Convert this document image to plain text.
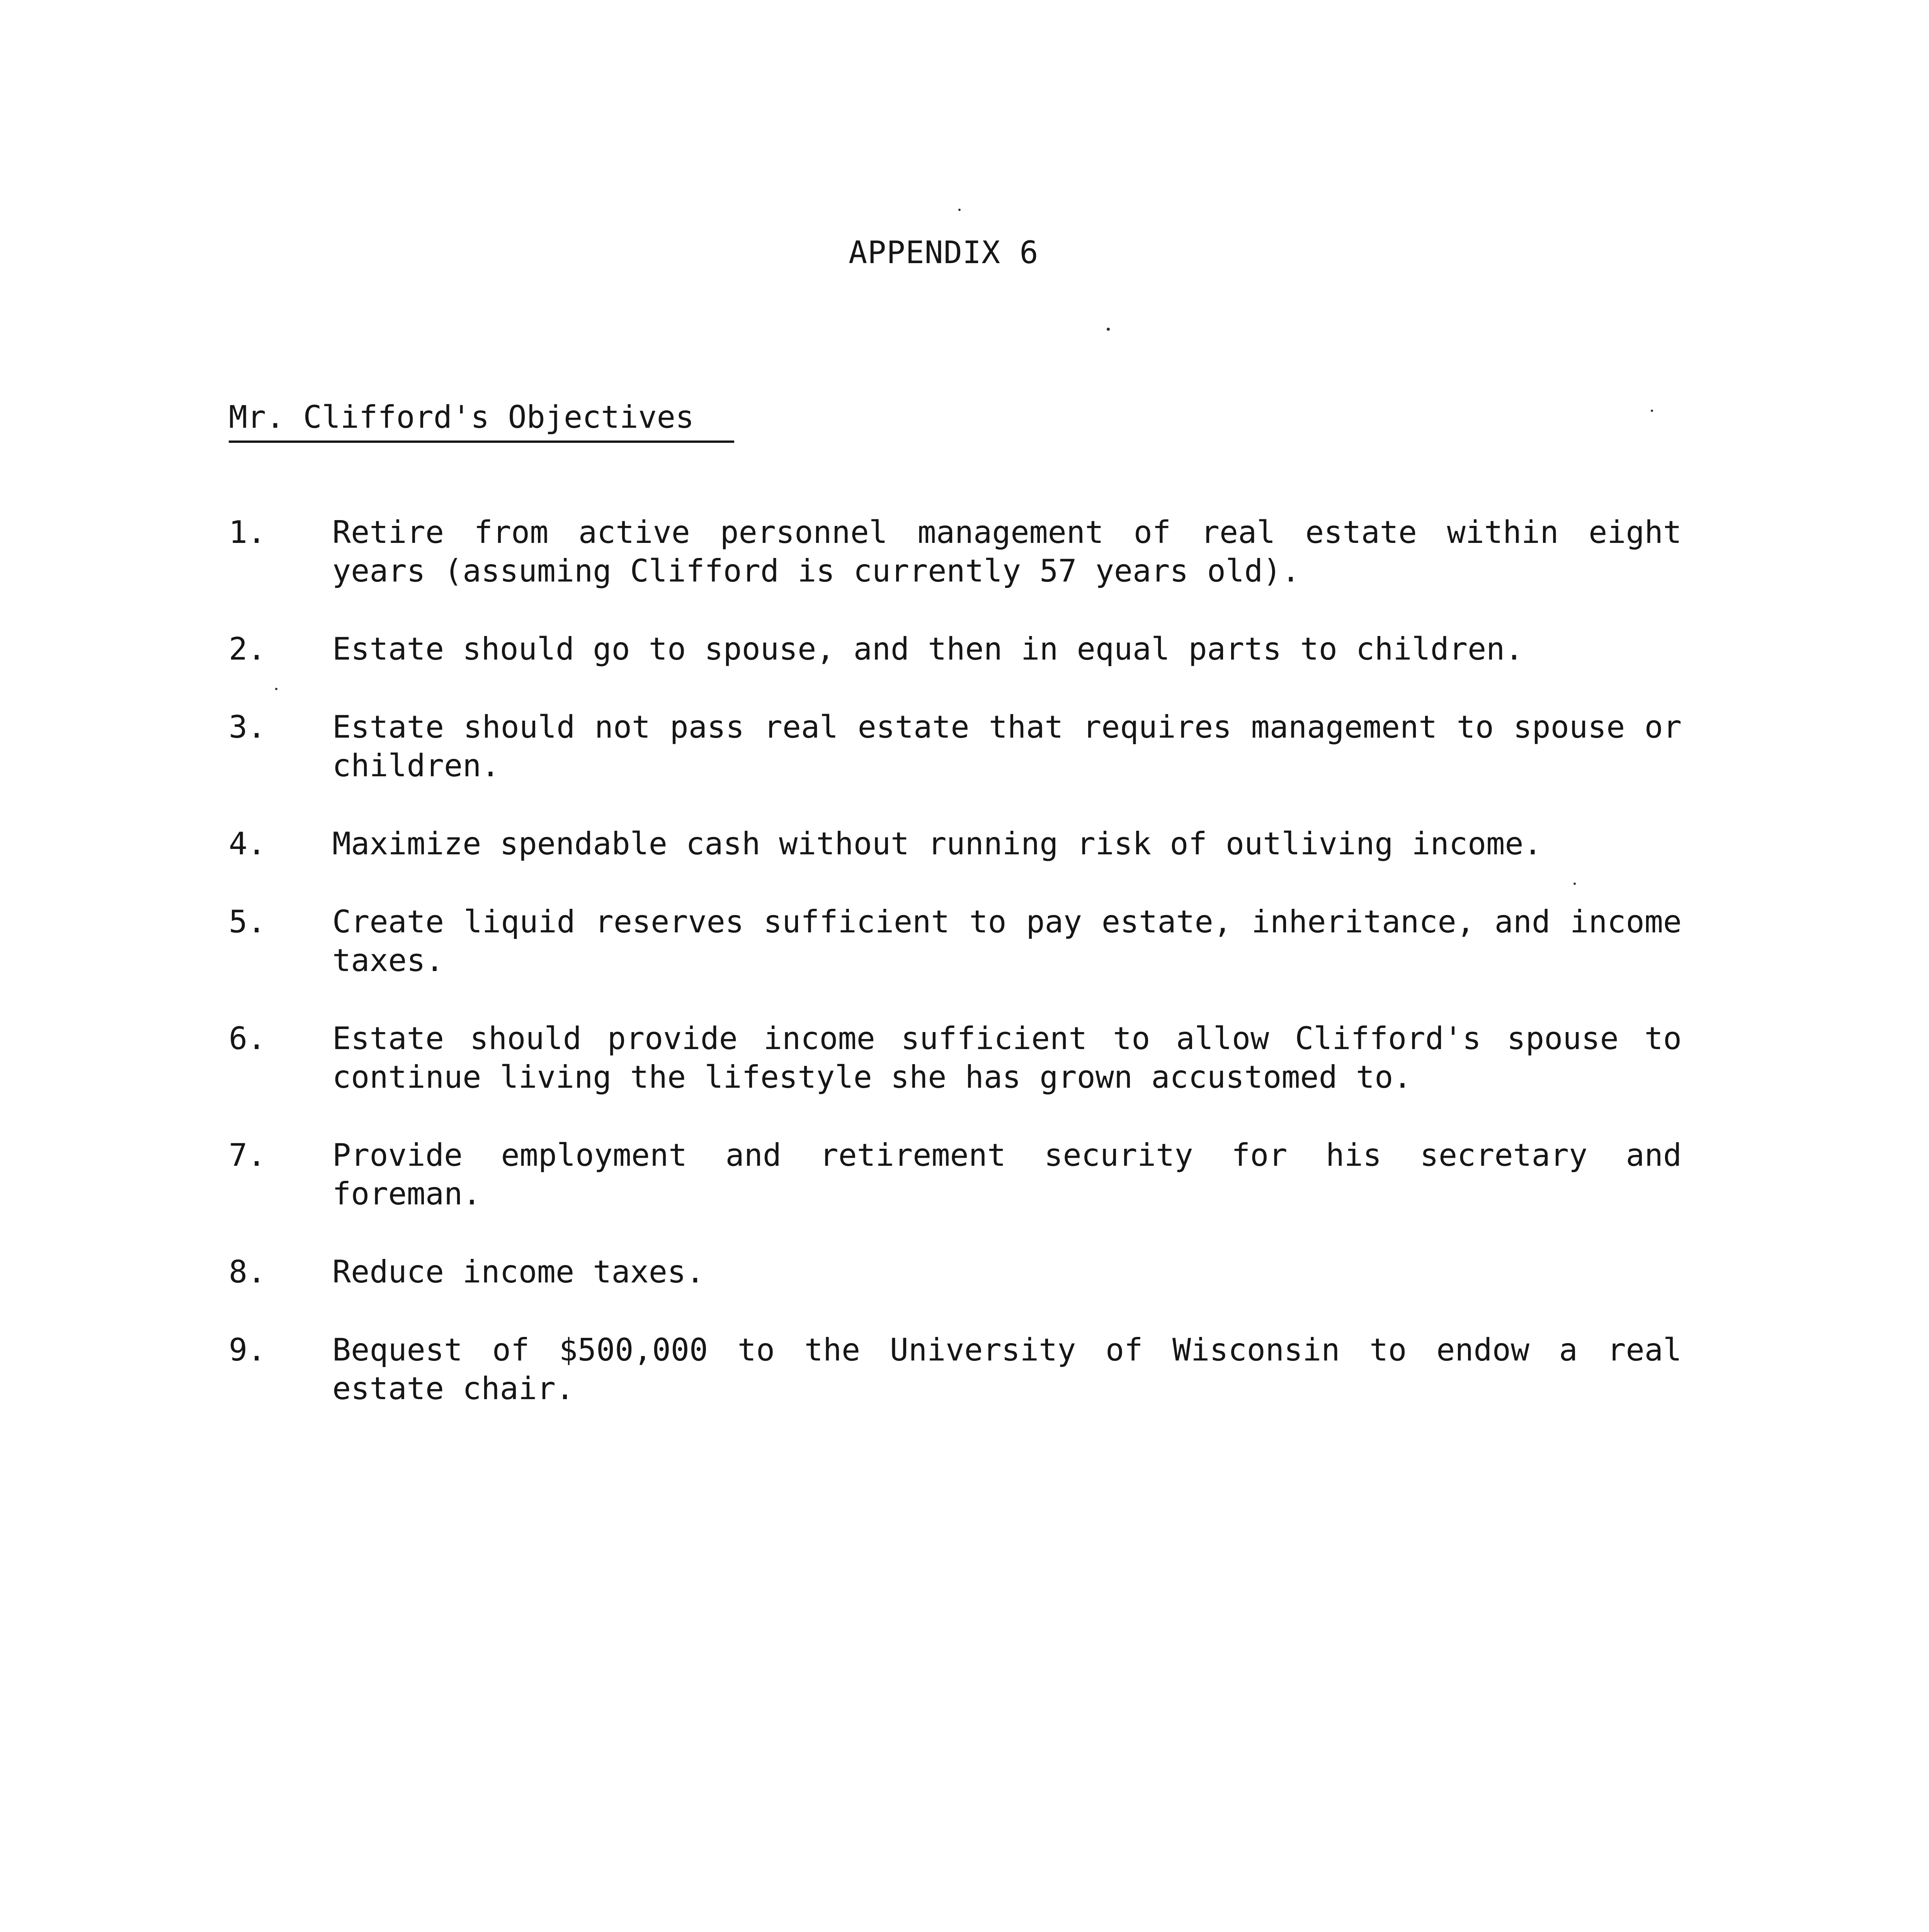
APPENDIX 6
Mr. Clifford's Objectives
1.	Retire from active personnel management of real estate within eight years (assuming Clifford is currently 57 years old).
2.	Estate should go to spouse, and then in equal parts to children.
3.	Estate should not pass real estate that requires management to spouse or children.
4.	Maximize spendable cash without running risk of outliving income.
5.	Create liquid reserves sufficient to pay estate, inheritance, and income taxes.
6.	Estate should provide income sufficient to allow Clifford's spouse to continue living the lifestyle she has grown accustomed to.
7.	Provide employment and retirement security for his secretary and foreman.
8.	Reduce income taxes.
9.	Bequest of $500,000 to the University of Wisconsin to endow a real estate chair.
